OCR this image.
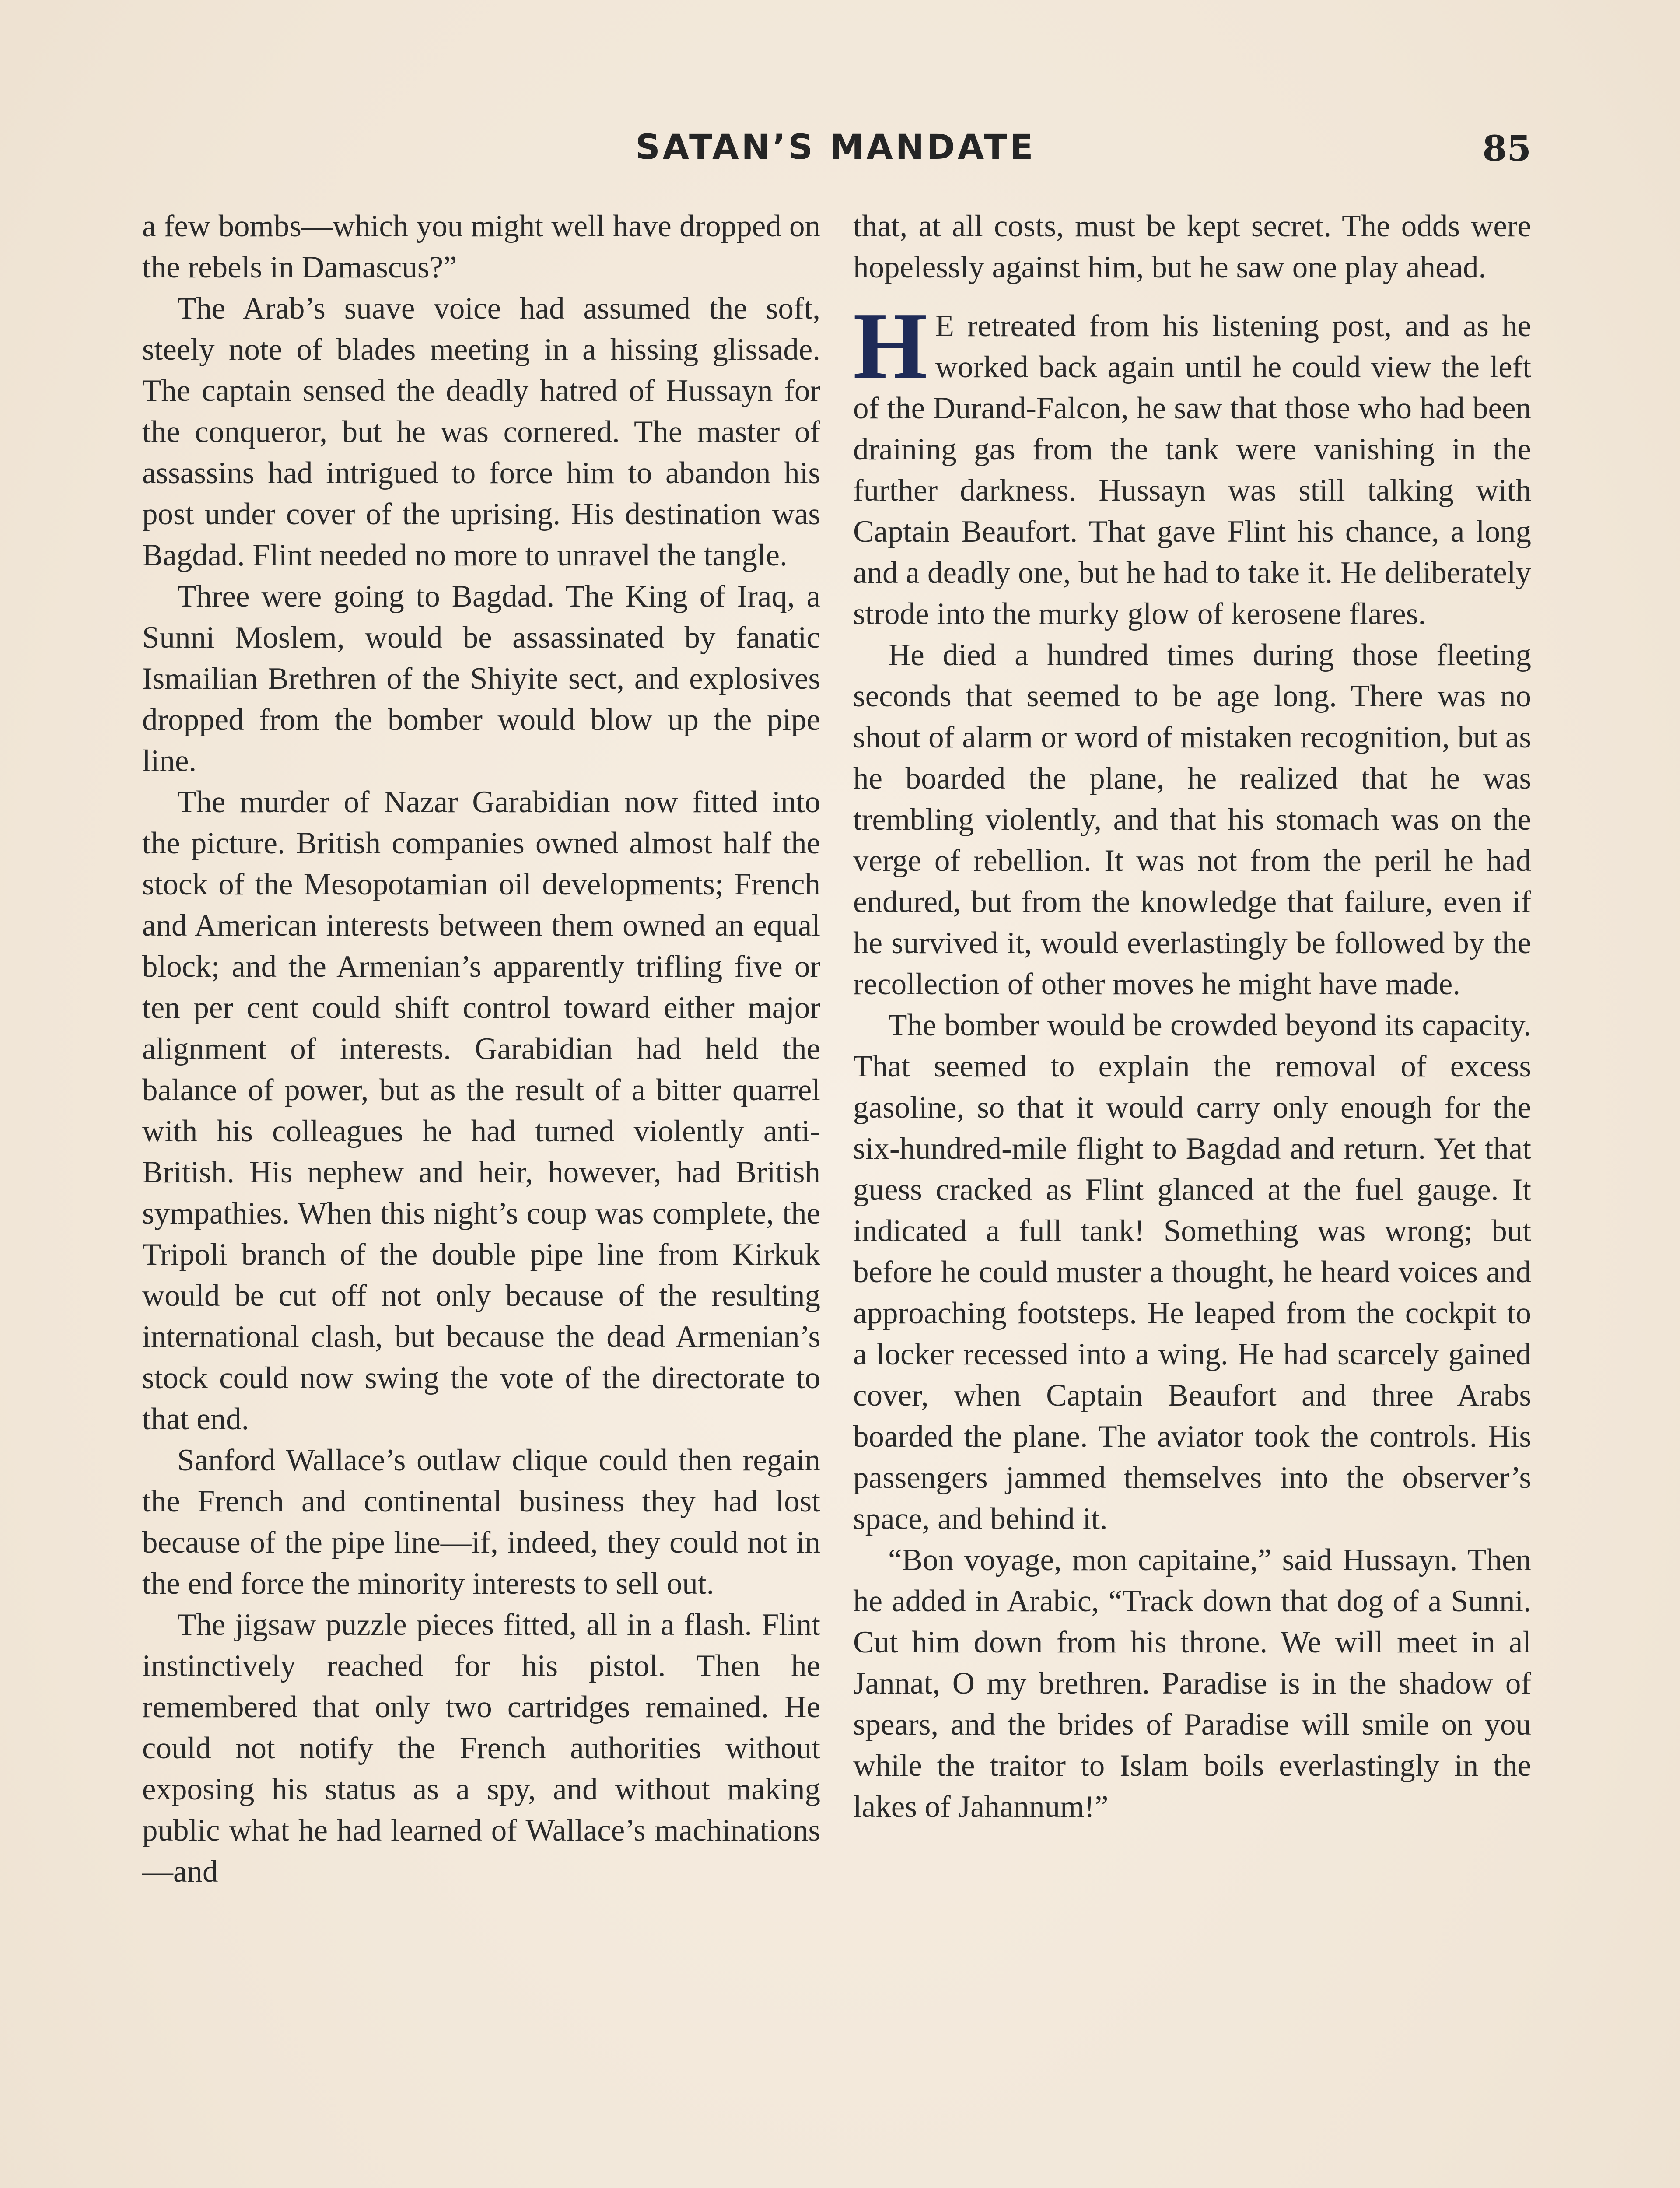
SATAN’S MANDATE	85

a few bombs—which you might well have dropped on the rebels in Damascus?”

The Arab’s suave voice had assumed the soft, steely note of blades meeting in a hissing glissade. The captain sensed the deadly hatred of Hussayn for the conqueror, but he was cornered. The master of assassins had intrigued to force him to abandon his post under cover of the uprising. His destination was Bagdad. Flint needed no more to unravel the tangle.

Three were going to Bagdad. The King of Iraq, a Sunni Moslem, would be assassinated by fanatic Ismailian Brethren of the Shiyite sect, and explosives dropped from the bomber would blow up the pipe line.

The murder of Nazar Garabidian now fitted into the picture. British companies owned almost half the stock of the Mesopotamian oil developments; French and American interests between them owned an equal block; and the Armenian’s apparently trifling five or ten per cent could shift control toward either major alignment of interests. Garabidian had held the balance of power, but as the result of a bitter quarrel with his colleagues he had turned violently anti-British. His nephew and heir, however, had British sympathies. When this night’s coup was complete, the Tripoli branch of the double pipe line from Kirkuk would be cut off not only because of the resulting international clash, but because the dead Armenian’s stock could now swing the vote of the directorate to that end.

Sanford Wallace’s outlaw clique could then regain the French and continental business they had lost because of the pipe line—if, indeed, they could not in the end force the minority interests to sell out.

The jigsaw puzzle pieces fitted, all in a flash. Flint instinctively reached for his pistol. Then he remembered that only two cartridges remained. He could not notify the French authorities without exposing his status as a spy, and without making public what he had learned of Wallace’s machinations—and

that, at all costs, must be kept secret. The odds were hopelessly against him, but he saw one play ahead.

H E retreated from his listening post, and as he worked back again until he could view the left of the Durand-Falcon, he saw that those who had been draining gas from the tank were vanishing in the further darkness. Hussayn was still talking with Captain Beaufort. That gave Flint his chance, a long and a deadly one, but he had to take it. He deliberately strode into the murky glow of kerosene flares.

He died a hundred times during those fleeting seconds that seemed to be age long. There was no shout of alarm or word of mistaken recognition, but as he boarded the plane, he realized that he was trembling violently, and that his stomach was on the verge of rebellion. It was not from the peril he had endured, but from the knowledge that failure, even if he survived it, would everlastingly be followed by the recollection of other moves he might have made.

The bomber would be crowded beyond its capacity. That seemed to explain the removal of excess gasoline, so that it would carry only enough for the six-hundred-mile flight to Bagdad and return. Yet that guess cracked as Flint glanced at the fuel gauge. It indicated a full tank! Something was wrong; but before he could muster a thought, he heard voices and approaching footsteps. He leaped from the cockpit to a locker recessed into a wing. He had scarcely gained cover, when Captain Beaufort and three Arabs boarded the plane. The aviator took the controls. His passengers jammed themselves into the observer’s space, and behind it.

“Bon voyage, mon capitaine,” said Hussayn. Then he added in Arabic, “Track down that dog of a Sunni. Cut him down from his throne. We will meet in al Jannat, O my brethren. Paradise is in the shadow of spears, and the brides of Paradise will smile on you while the traitor to Islam boils everlastingly in the lakes of Jahannum!”
